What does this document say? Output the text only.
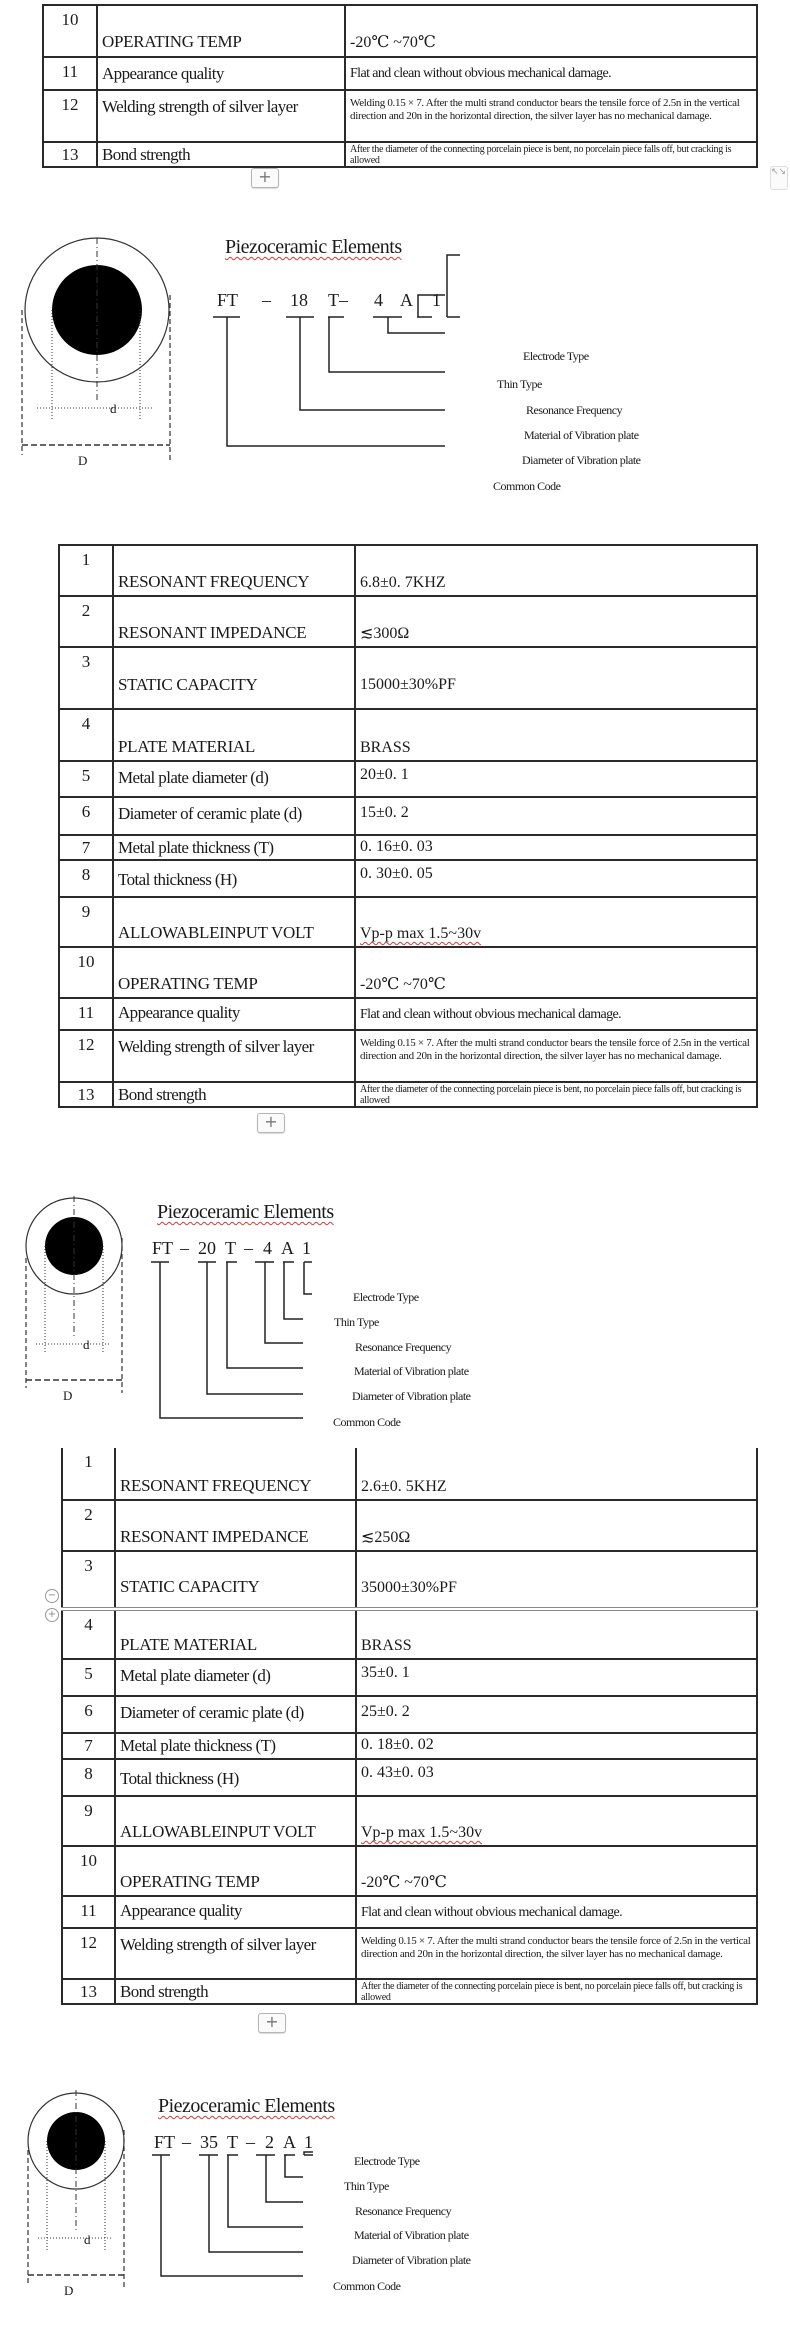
10	OPERATING TEMP	-20℃ ~70℃
11	Appearance quality	Flat and clean without obvious mechanical damage.
12	Welding strength of silver layer	Welding 0.15 × 7. After the multi strand conductor bears the tensile force of 2.5n in the vertical direction and 20n in the horizontal direction, the silver layer has no mechanical damage.
13	Bond strength	After the diameter of the connecting porcelain piece is bent, no porcelain piece falls off, but cracking is allowed
+	↖↘
d
D
Piezoceramic Elements
FT – 18 T– 4 A 1
Electrode Type
Thin Type
Resonance Frequency
Material of Vibration plate
Diameter of Vibration plate
Common Code
1	RESONANT FREQUENCY	6.8±0. 7KHZ
2	RESONANT IMPEDANCE	≲300Ω
3	STATIC CAPACITY	15000±30%PF
4	PLATE MATERIAL	BRASS
5	Metal plate diameter (d)	20±0. 1
6	Diameter of ceramic plate (d)	15±0. 2
7	Metal plate thickness (T)	0. 16±0. 03
8	Total thickness (H)	0. 30±0. 05
9	ALLOWABLEINPUT VOLT	Vp-p max 1.5~30v
10	OPERATING TEMP	-20℃ ~70℃
11	Appearance quality	Flat and clean without obvious mechanical damage.
12	Welding strength of silver layer	Welding 0.15 × 7. After the multi strand conductor bears the tensile force of 2.5n in the vertical direction and 20n in the horizontal direction, the silver layer has no mechanical damage.
13	Bond strength	After the diameter of the connecting porcelain piece is bent, no porcelain piece falls off, but cracking is allowed
+
d
D
Piezoceramic Elements
FT – 20 T – 4 A 1
Electrode Type
Thin Type
Resonance Frequency
Material of Vibration plate
Diameter of Vibration plate
Common Code
1	RESONANT FREQUENCY	2.6±0. 5KHZ
2	RESONANT IMPEDANCE	≲250Ω
3	STATIC CAPACITY	35000±30%PF
4	PLATE MATERIAL	BRASS
5	Metal plate diameter (d)	35±0. 1
6	Diameter of ceramic plate (d)	25±0. 2
7	Metal plate thickness (T)	0. 18±0. 02
8	Total thickness (H)	0. 43±0. 03
9	ALLOWABLEINPUT VOLT	Vp-p max 1.5~30v
10	OPERATING TEMP	-20℃ ~70℃
11	Appearance quality	Flat and clean without obvious mechanical damage.
12	Welding strength of silver layer	Welding 0.15 × 7. After the multi strand conductor bears the tensile force of 2.5n in the vertical direction and 20n in the horizontal direction, the silver layer has no mechanical damage.
13	Bond strength	After the diameter of the connecting porcelain piece is bent, no porcelain piece falls off, but cracking is allowed
−
+
+
d
D
Piezoceramic Elements
FT – 35 T – 2 A 1
Electrode Type
Thin Type
Resonance Frequency
Material of Vibration plate
Diameter of Vibration plate
Common Code
